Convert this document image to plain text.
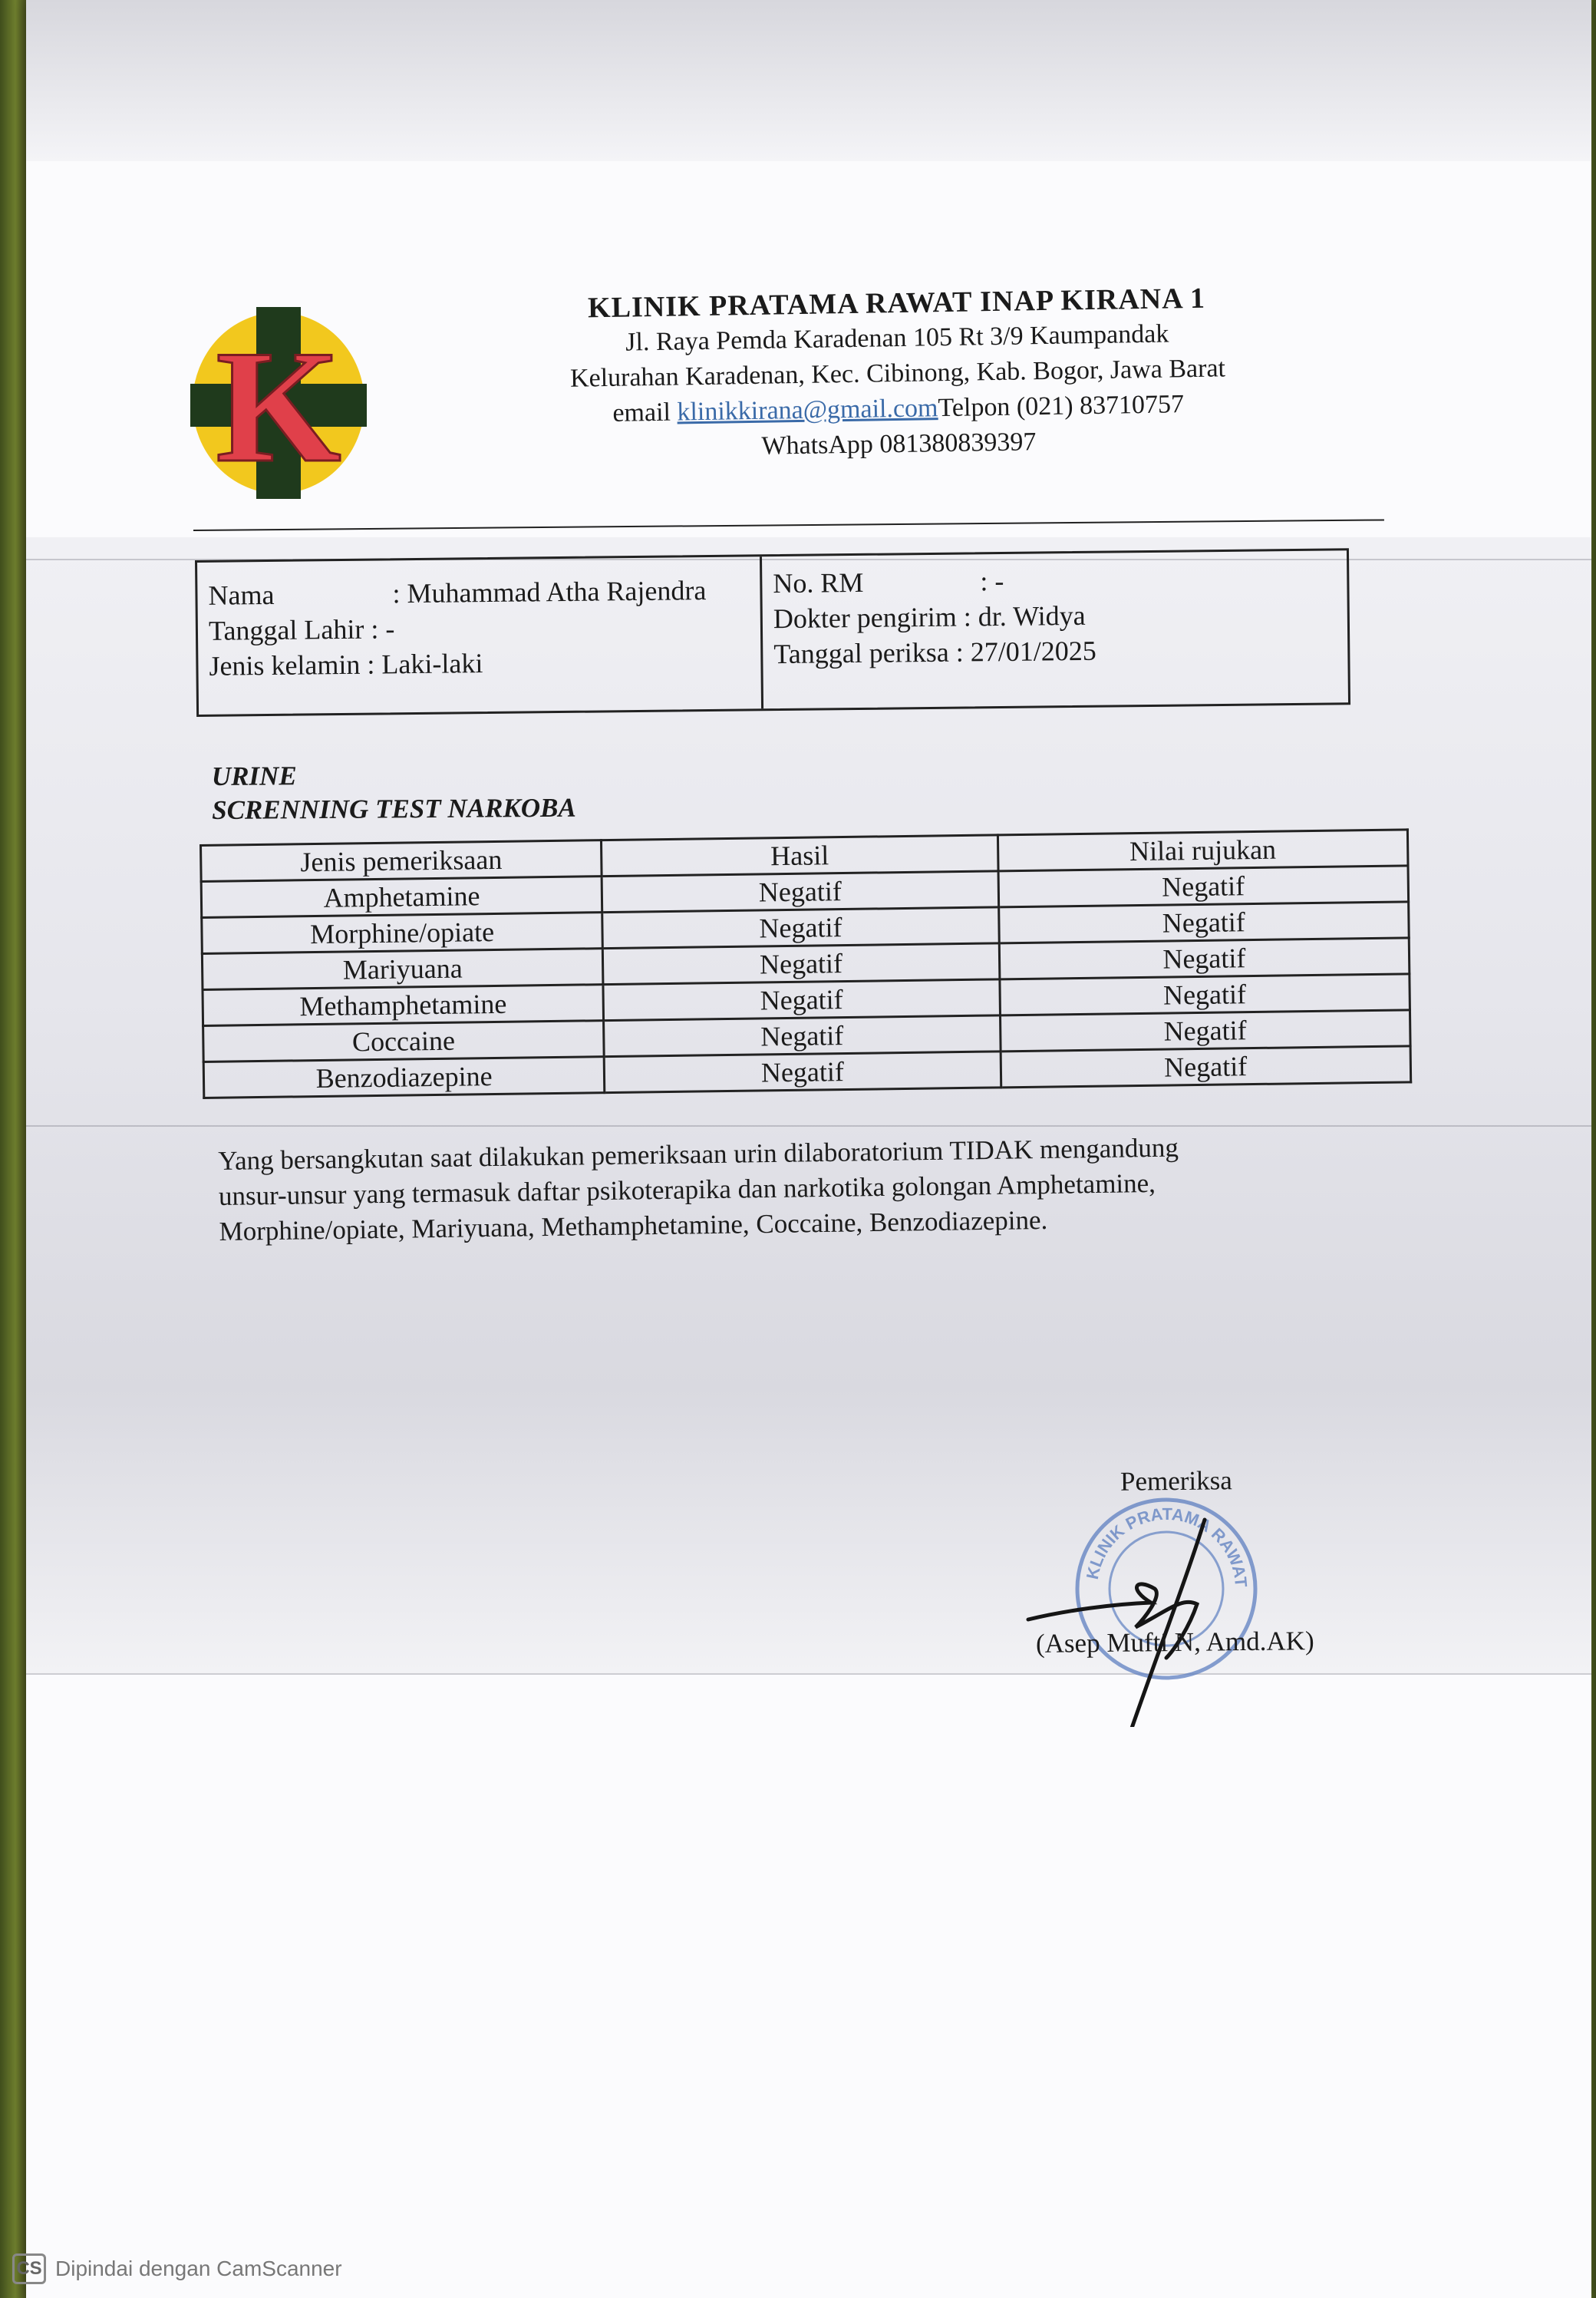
K
KLINIK PRATAMA RAWAT INAP KIRANA 1
Jl. Raya Pemda Karadenan 105 Rt 3/9 Kaumpandak
Kelurahan Karadenan, Kec. Cibinong, Kab. Bogor, Jawa Barat
email klinikkirana@gmail.comTelpon (021) 83710757
WhatsApp 081380839397
Nama	: Muhammad Atha Rajendra
Tanggal Lahir
: -
Jenis kelamin
: Laki-laki
No. RM	: -
Dokter pengirim
: dr. Widya
Tanggal periksa
: 27/01/2025
URINE
SCRENNING TEST NARKOBA
Jenis pemeriksaan	Hasil	Nilai rujukan
Amphetamine	Negatif	Negatif
Morphine/opiate	Negatif	Negatif
Mariyuana	Negatif	Negatif
Methamphetamine	Negatif	Negatif
Coccaine	Negatif	Negatif
Benzodiazepine	Negatif	Negatif
Yang bersangkutan saat dilakukan pemeriksaan urin dilaboratorium TIDAK mengandung
unsur-unsur yang termasuk daftar psikoterapika dan narkotika golongan Amphetamine,
Morphine/opiate, Mariyuana, Methamphetamine, Coccaine, Benzodiazepine.
KLINIK PRATAMA RAWAT
Pemeriksa
(Asep Mufti N, Amd.AK)
CS Dipindai dengan CamScanner
